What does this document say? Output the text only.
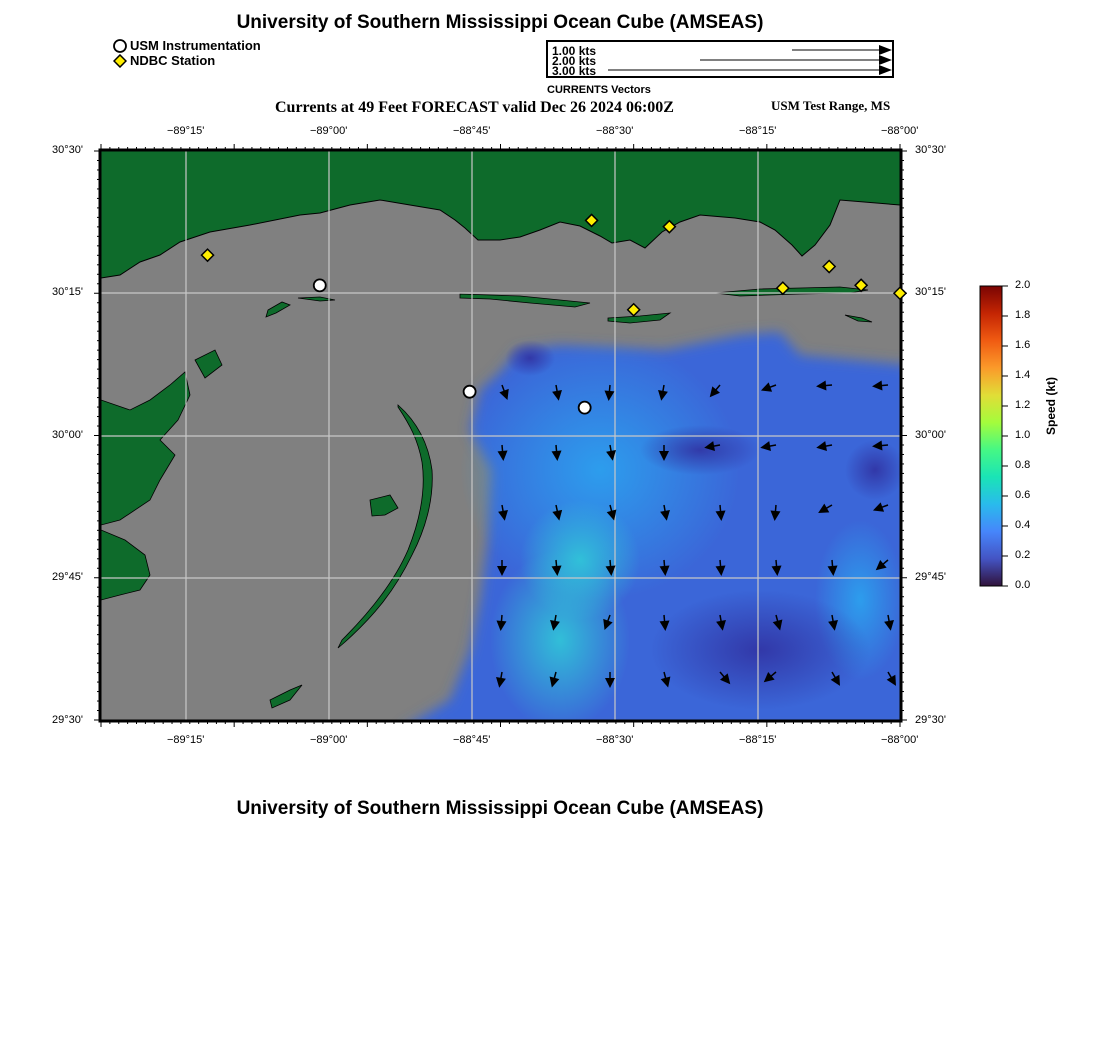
University of Southern Mississippi Ocean Cube (AMSEAS)
USM Instrumentation
NDBC Station
1.00 kts
2.00 kts
3.00 kts
CURRENTS Vectors
Currents at 49 Feet FORECAST valid Dec 26 2024 06:00Z	USM Test Range, MS
−89°15'	−89°00'	−88°45'	−88°30'	−88°15'	−88°00'
−89°15'	−89°00'	−88°45'	−88°30'	−88°15'	−88°00'
30°30'
30°15'
30°00'
29°45'
29°30'
30°30'
30°15'
30°00'
29°45'
29°30'
2.0
1.8
1.6
1.4
1.2
1.0
0.8
0.6
0.4
0.2
0.0
Speed (kt)
University of Southern Mississippi Ocean Cube (AMSEAS)
